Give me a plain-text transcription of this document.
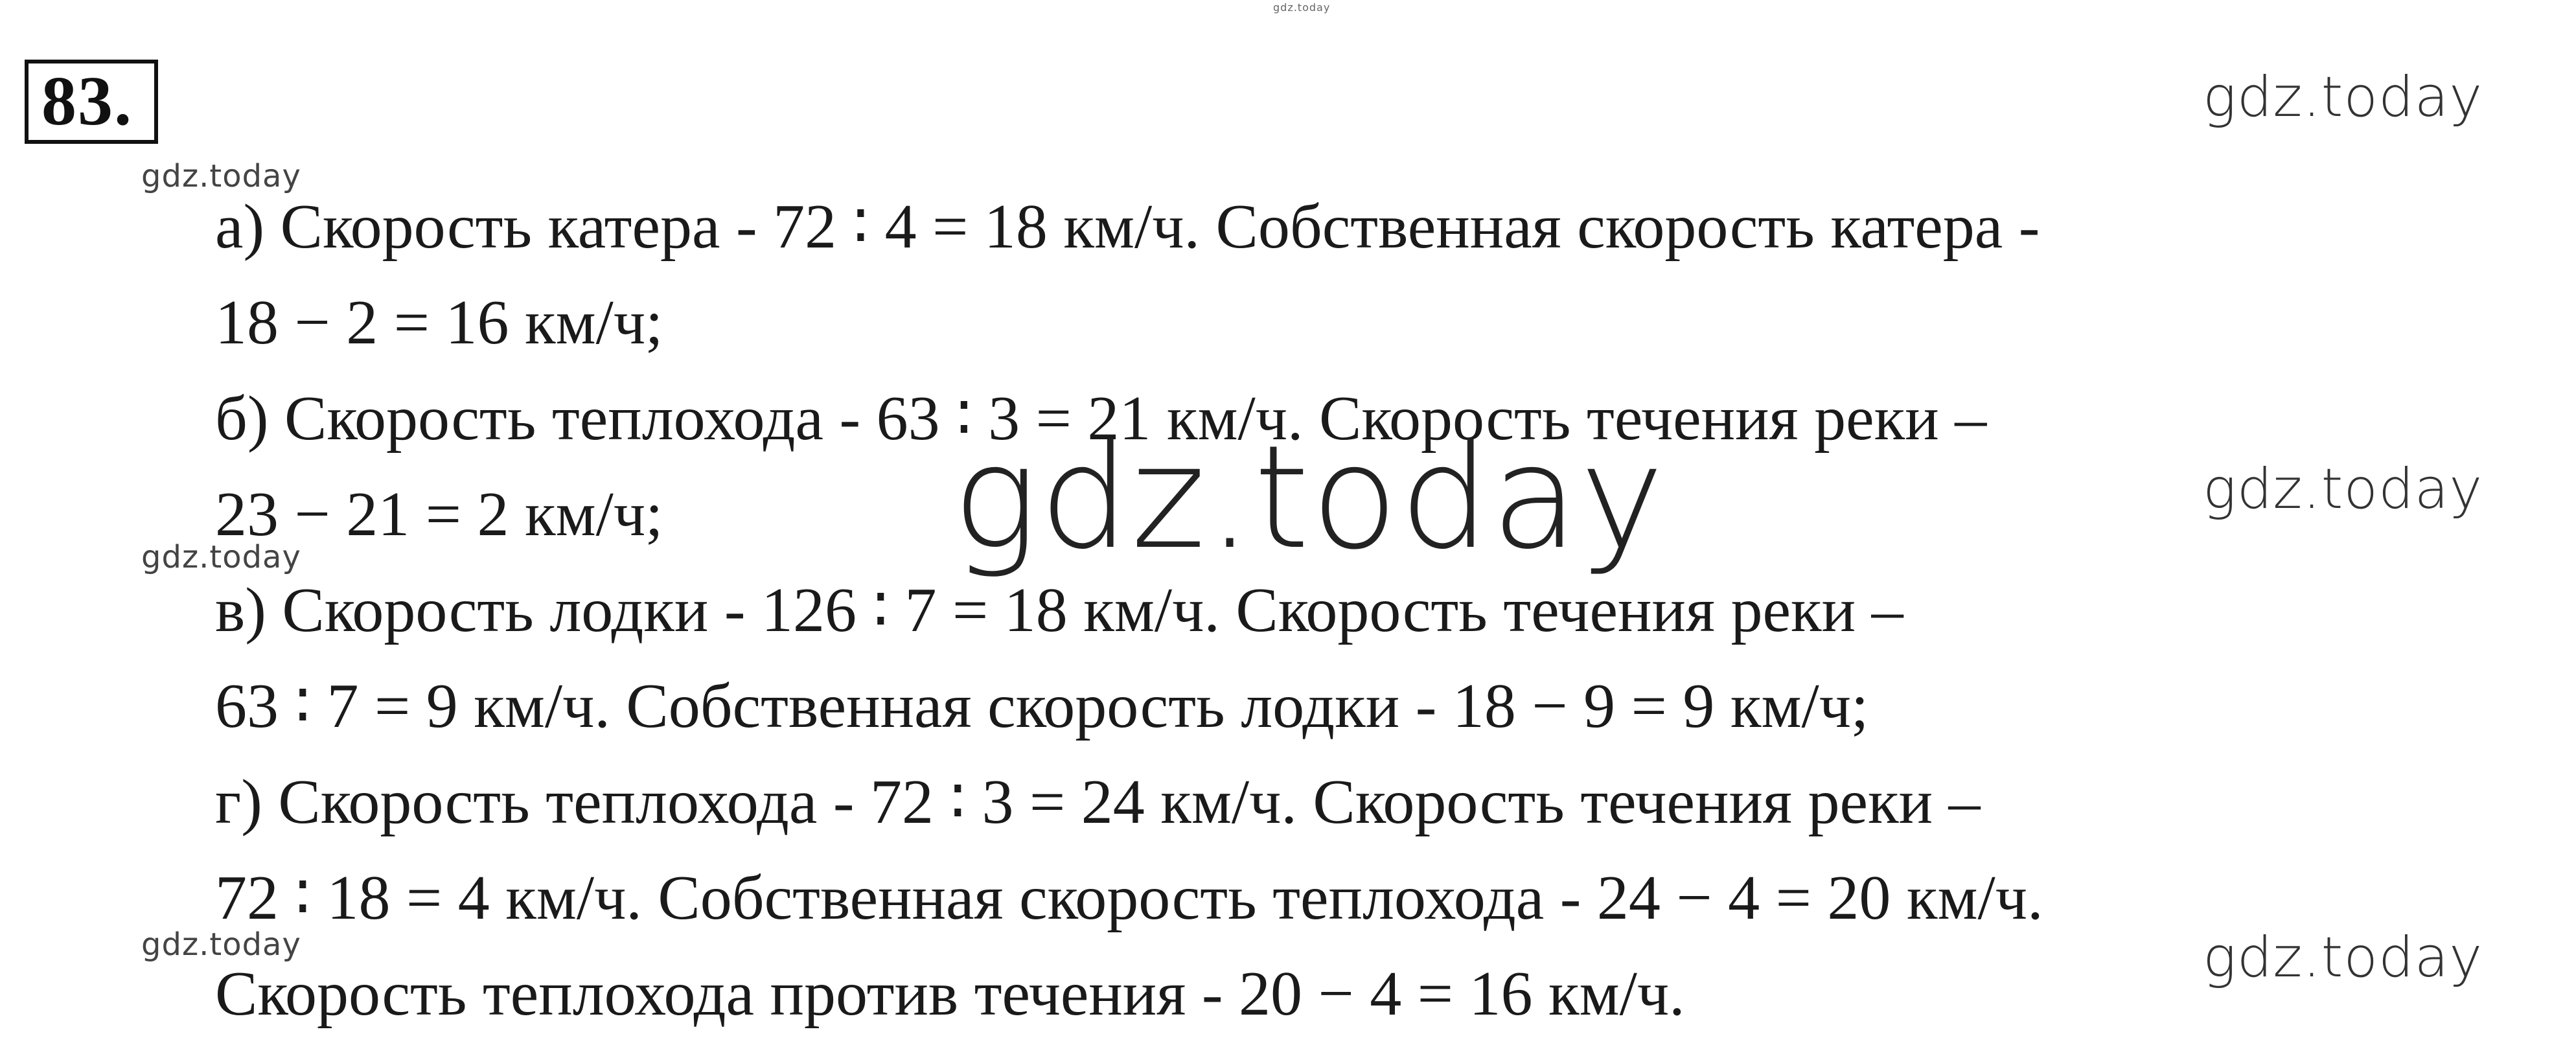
gdz.today
83.	gdz.today
gdz.today
gdz.today
gdz.today
gdz.today
gdz.today
а) Скорость катера - 72 ∶ 4 = 18 км/ч. Собственная скорость катера -
18 − 2 = 16 км/ч;
б) Скорость теплохода - 63 ∶ 3 = 21 км/ч. Скорость течения реки –
23 − 21 = 2 км/ч;
в) Скорость лодки - 126 ∶ 7 = 18 км/ч. Скорость течения реки –
63 ∶ 7 = 9 км/ч. Собственная скорость лодки - 18 − 9 = 9 км/ч;
г) Скорость теплохода - 72 ∶ 3 = 24 км/ч. Скорость течения реки –
72 ∶ 18 = 4 км/ч. Собственная скорость теплохода - 24 − 4 = 20 км/ч.
Скорость теплохода против течения - 20 − 4 = 16 км/ч.
gdz.today
